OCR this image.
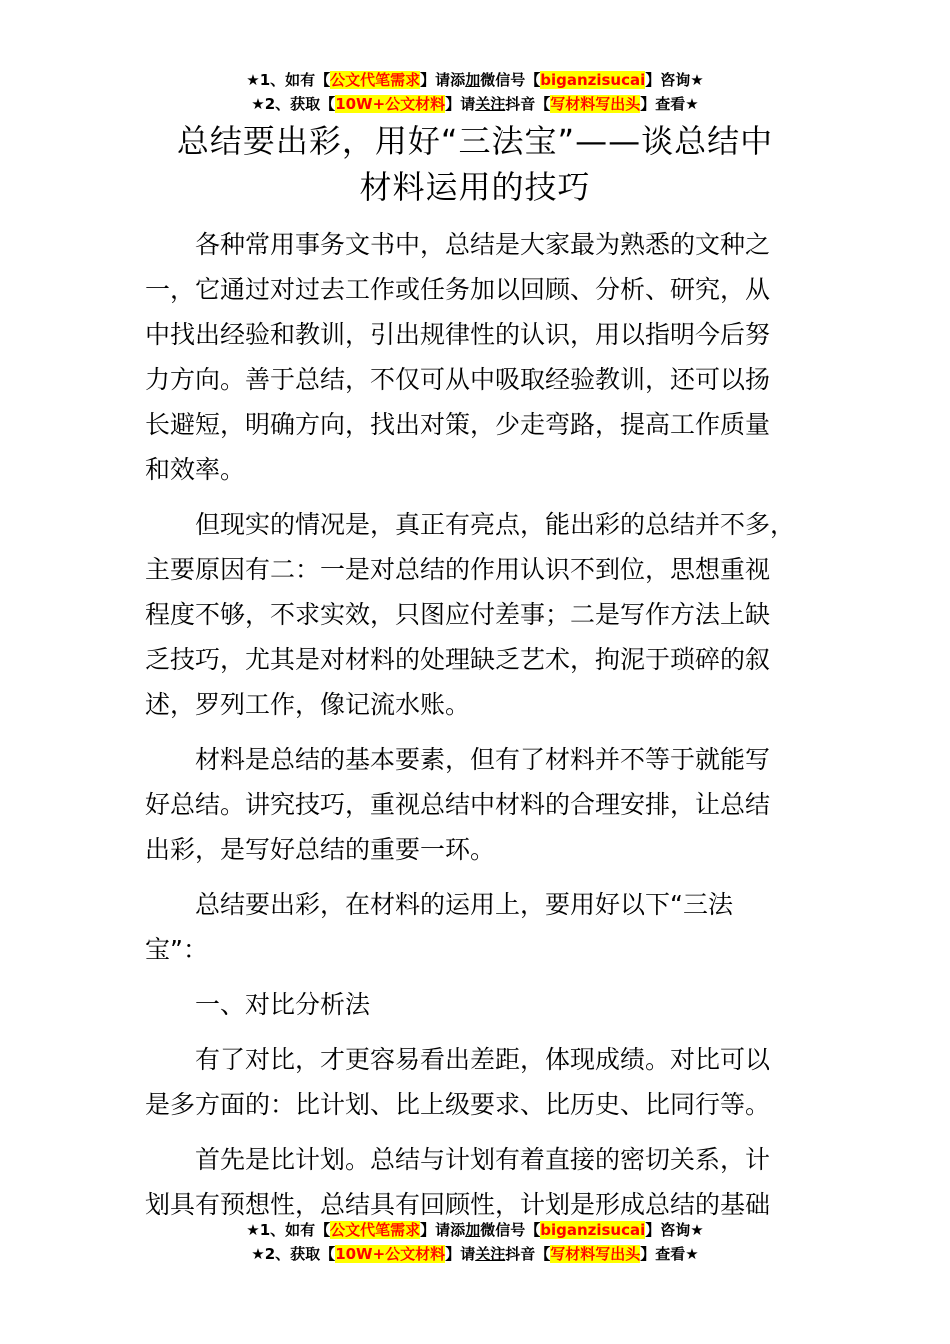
★1、如有【公文代笔需求】请添加微信号【biganzisucai】咨询★
★2、获取【10W+公文材料】请关注抖音【写材料写出头】查看★
总结要出彩，用好“三法宝”——谈总结中
材料运用的技巧
各种常用事务文书中，总结是大家最为熟悉的文种之
一，它通过对过去工作或任务加以回顾、分析、研究，从
中找出经验和教训，引出规律性的认识，用以指明今后努
力方向。善于总结，不仅可从中吸取经验教训，还可以扬
长避短，明确方向，找出对策，少走弯路，提高工作质量
和效率。
但现实的情况是，真正有亮点，能出彩的总结并不多，
主要原因有二：一是对总结的作用认识不到位，思想重视
程度不够，不求实效，只图应付差事；二是写作方法上缺
乏技巧，尤其是对材料的处理缺乏艺术，拘泥于琐碎的叙
述，罗列工作，像记流水账。
材料是总结的基本要素，但有了材料并不等于就能写
好总结。讲究技巧，重视总结中材料的合理安排，让总结
出彩，是写好总结的重要一环。
总结要出彩，在材料的运用上，要用好以下“三法
宝”：
一、对比分析法
有了对比，才更容易看出差距，体现成绩。对比可以
是多方面的：比计划、比上级要求、比历史、比同行等。
首先是比计划。总结与计划有着直接的密切关系，计
划具有预想性，总结具有回顾性，计划是形成总结的基础
★1、如有【公文代笔需求】请添加微信号【biganzisucai】咨询★
★2、获取【10W+公文材料】请关注抖音【写材料写出头】查看★
